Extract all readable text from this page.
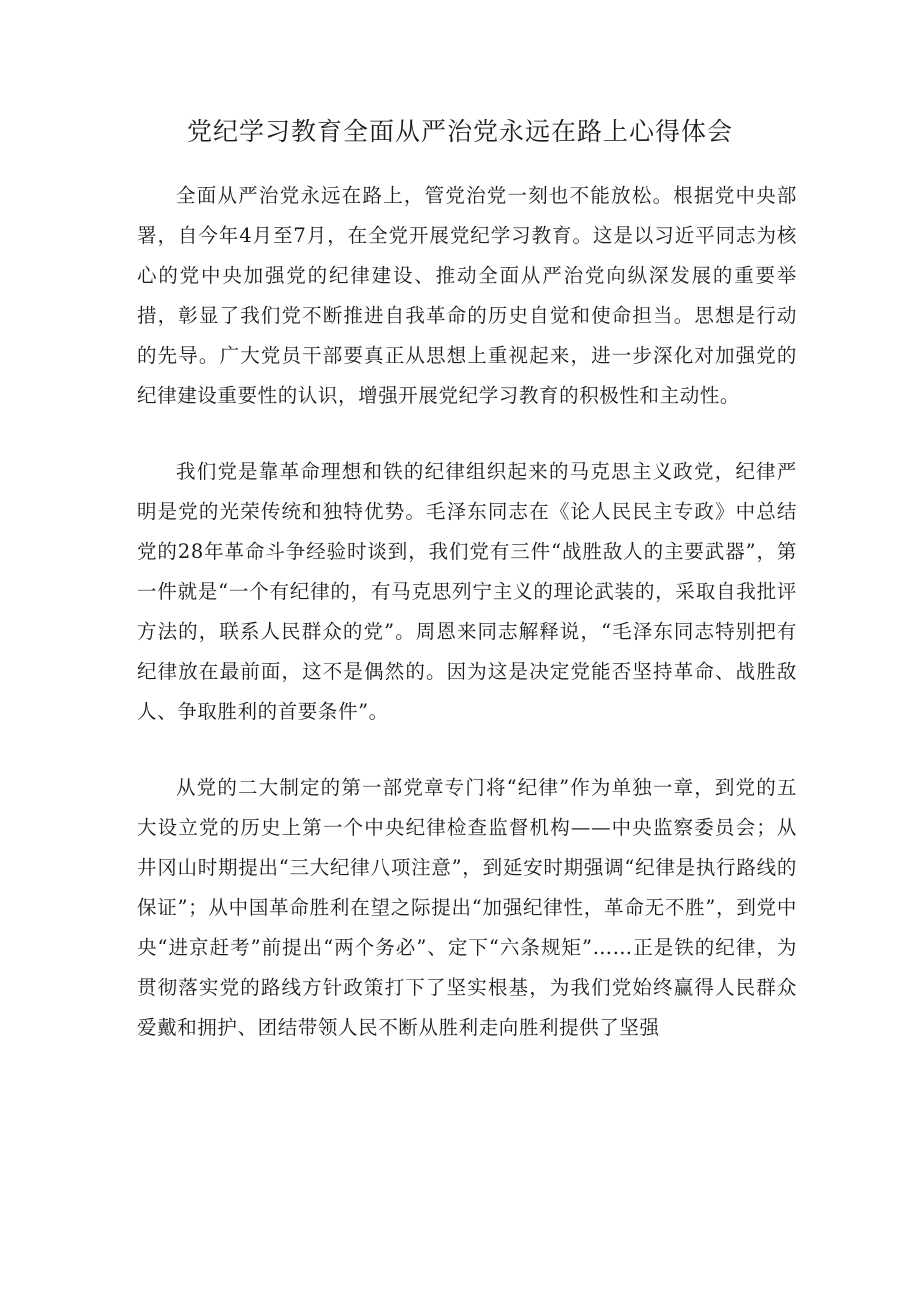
党纪学习教育全面从严治党永远在路上心得体会

全面从严治党永远在路上，管党治党一刻也不能放松。根据党中央部署，自今年4月至7月，在全党开展党纪学习教育。这是以习近平同志为核心的党中央加强党的纪律建设、推动全面从严治党向纵深发展的重要举措，彰显了我们党不断推进自我革命的历史自觉和使命担当。思想是行动的先导。广大党员干部要真正从思想上重视起来，进一步深化对加强党的纪律建设重要性的认识，增强开展党纪学习教育的积极性和主动性。

我们党是靠革命理想和铁的纪律组织起来的马克思主义政党，纪律严明是党的光荣传统和独特优势。毛泽东同志在《论人民民主专政》中总结党的28年革命斗争经验时谈到，我们党有三件“战胜敌人的主要武器”，第一件就是“一个有纪律的，有马克思列宁主义的理论武装的，采取自我批评方法的，联系人民群众的党”。周恩来同志解释说，“毛泽东同志特别把有纪律放在最前面，这不是偶然的。因为这是决定党能否坚持革命、战胜敌人、争取胜利的首要条件”。

从党的二大制定的第一部党章专门将“纪律”作为单独一章，到党的五大设立党的历史上第一个中央纪律检查监督机构——中央监察委员会；从井冈山时期提出“三大纪律八项注意”，到延安时期强调“纪律是执行路线的保证”；从中国革命胜利在望之际提出“加强纪律性，革命无不胜”，到党中央“进京赶考”前提出“两个务必”、定下“六条规矩”……正是铁的纪律，为贯彻落实党的路线方针政策打下了坚实根基，为我们党始终赢得人民群众爱戴和拥护、团结带领人民不断从胜利走向胜利提供了坚强
